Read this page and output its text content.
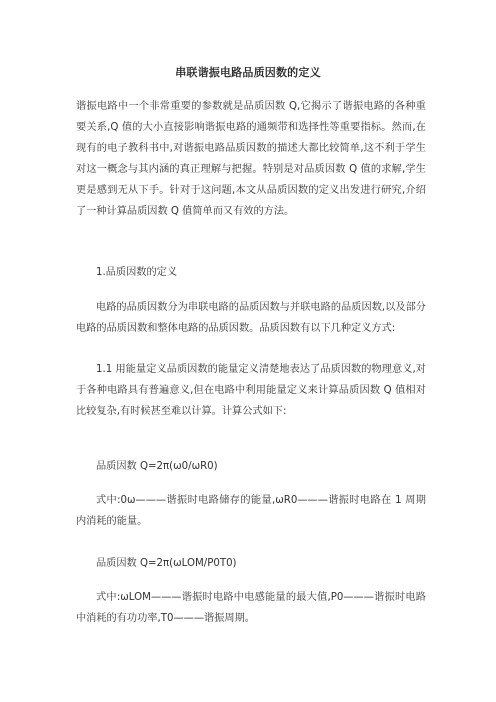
串联谐振电路品质因数的定义

谐振电路中一个非常重要的参数就是品质因数 Q,它揭示了谐振电路的各种重要关系,Q 值的大小直接影响谐振电路的通频带和选择性等重要指标。然而,在现有的电子教科书中,对谐振电路品质因数的描述大都比较简单,这不利于学生对这一概念与其内涵的真正理解与把握。特别是对品质因数 Q 值的求解,学生更是感到无从下手。针对于这问题,本文从品质因数的定义出发进行研究,介绍了一种计算品质因数 Q 值简单而又有效的方法。

1.品质因数的定义

电路的品质因数分为串联电路的品质因数与并联电路的品质因数,以及部分电路的品质因数和整体电路的品质因数。品质因数有以下几种定义方式:

1.1 用能量定义品质因数的能量定义清楚地表达了品质因数的物理意义,对于各种电路具有普遍意义,但在电路中利用能量定义来计算品质因数 Q 值相对比较复杂,有时候甚至难以计算。计算公式如下:

品质因数 Q=2π(ω0/ωR0)

式中:0ω———谐振时电路储存的能量,ωR0———谐振时电路在 1 周期内消耗的能量。

品质因数 Q=2π(ωLOM/P0T0)

式中:ωLOM———谐振时电路中电感能量的最大值,P0———谐振时电路中消耗的有功功率,T0———谐振周期。
